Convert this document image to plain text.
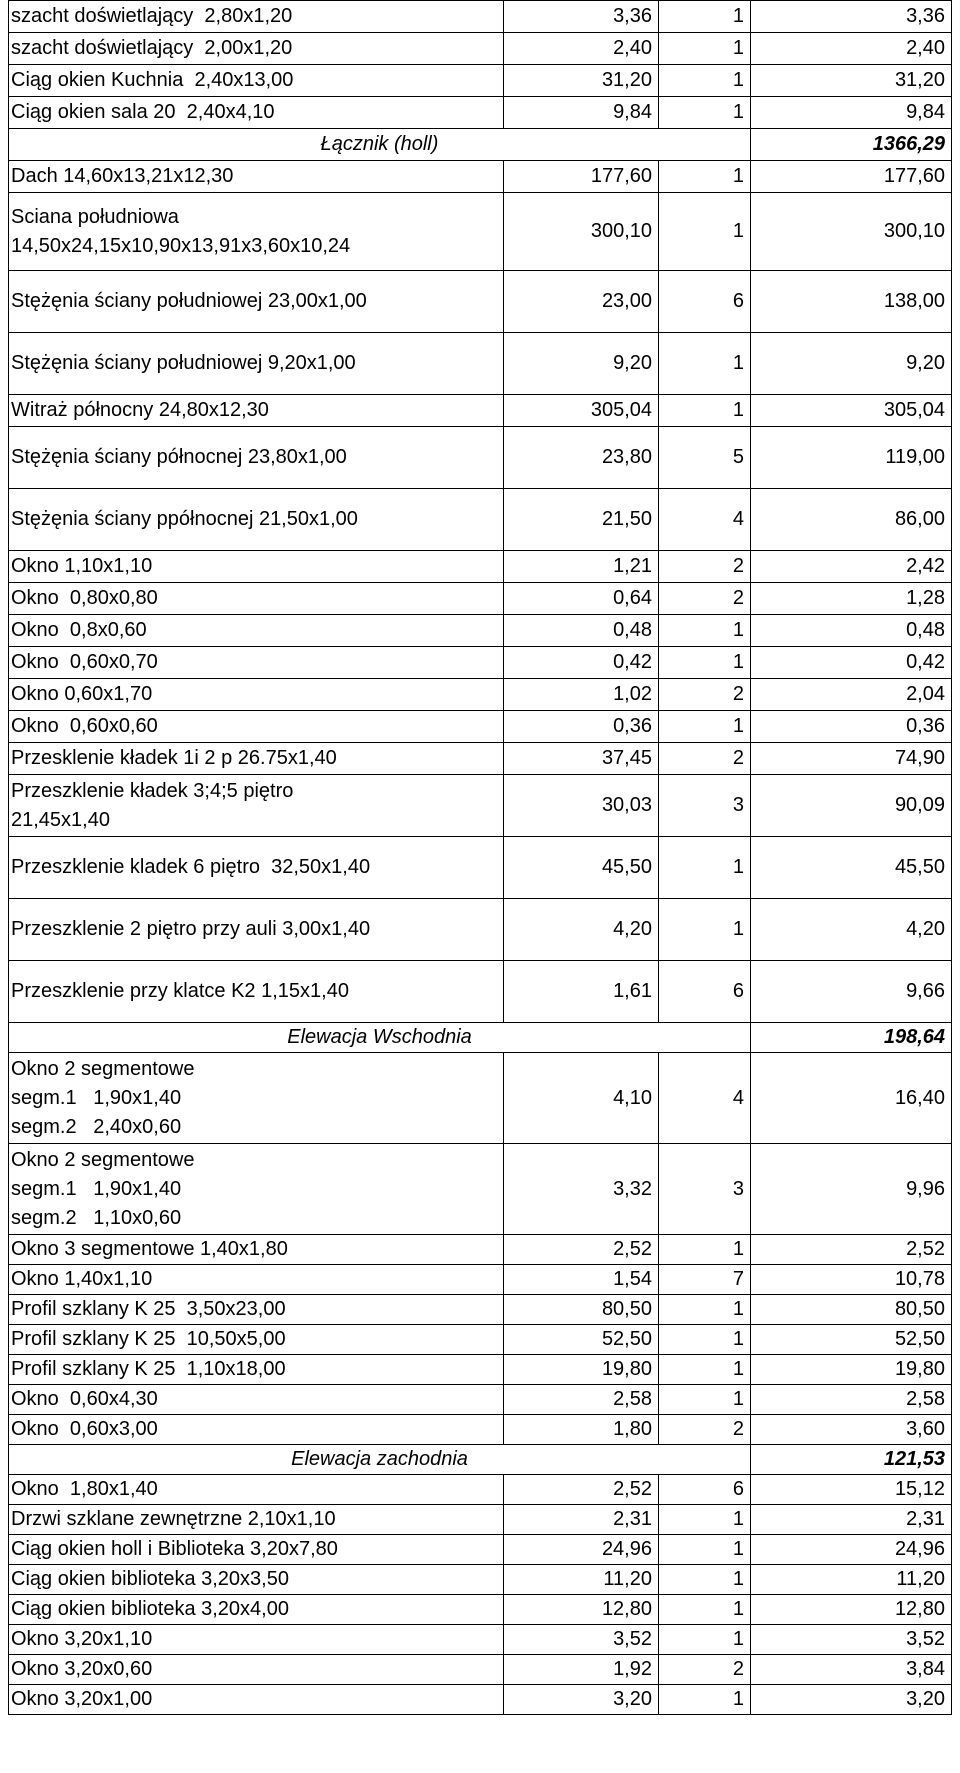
szacht doświetlający  2,80x1,20	3,36	1	3,36
szacht doświetlający  2,00x1,20	2,40	1	2,40
Ciąg okien Kuchnia  2,40x13,00	31,20	1	31,20
Ciąg okien sala 20  2,40x4,10	9,84	1	9,84
Łącznik (holl)			1366,29
Dach 14,60x13,21x12,30	177,60	1	177,60
Sciana południowa
14,50x24,15x10,90x13,91x3,60x10,24	300,10	1	300,10
Stężęnia ściany południowej 23,00x1,00	23,00	6	138,00
Stężęnia ściany południowej 9,20x1,00	9,20	1	9,20
Witraż północny 24,80x12,30	305,04	1	305,04
Stężęnia ściany północnej 23,80x1,00	23,80	5	119,00
Stężęnia ściany ppółnocnej 21,50x1,00	21,50	4	86,00
Okno 1,10x1,10	1,21	2	2,42
Okno  0,80x0,80	0,64	2	1,28
Okno  0,8x0,60	0,48	1	0,48
Okno  0,60x0,70	0,42	1	0,42
Okno 0,60x1,70	1,02	2	2,04
Okno  0,60x0,60	0,36	1	0,36
Przesklenie kładek 1i 2 p 26.75x1,40	37,45	2	74,90
Przeszklenie kładek 3;4;5 piętro
21,45x1,40	30,03	3	90,09
Przeszklenie kladek 6 piętro  32,50x1,40	45,50	1	45,50
Przeszklenie 2 piętro przy auli 3,00x1,40	4,20	1	4,20
Przeszklenie przy klatce K2 1,15x1,40	1,61	6	9,66
Elewacja Wschodnia			198,64
Okno 2 segmentowe
segm.1   1,90x1,40
segm.2   2,40x0,60	4,10	4	16,40
Okno 2 segmentowe
segm.1   1,90x1,40
segm.2   1,10x0,60	3,32	3	9,96
Okno 3 segmentowe 1,40x1,80	2,52	1	2,52
Okno 1,40x1,10	1,54	7	10,78
Profil szklany K 25  3,50x23,00	80,50	1	80,50
Profil szklany K 25  10,50x5,00	52,50	1	52,50
Profil szklany K 25  1,10x18,00	19,80	1	19,80
Okno  0,60x4,30	2,58	1	2,58
Okno  0,60x3,00	1,80	2	3,60
Elewacja zachodnia			121,53
Okno  1,80x1,40	2,52	6	15,12
Drzwi szklane zewnętrzne 2,10x1,10	2,31	1	2,31
Ciąg okien holl i Biblioteka 3,20x7,80	24,96	1	24,96
Ciąg okien biblioteka 3,20x3,50	11,20	1	11,20
Ciąg okien biblioteka 3,20x4,00	12,80	1	12,80
Okno 3,20x1,10	3,52	1	3,52
Okno 3,20x0,60	1,92	2	3,84
Okno 3,20x1,00	3,20	1	3,20
